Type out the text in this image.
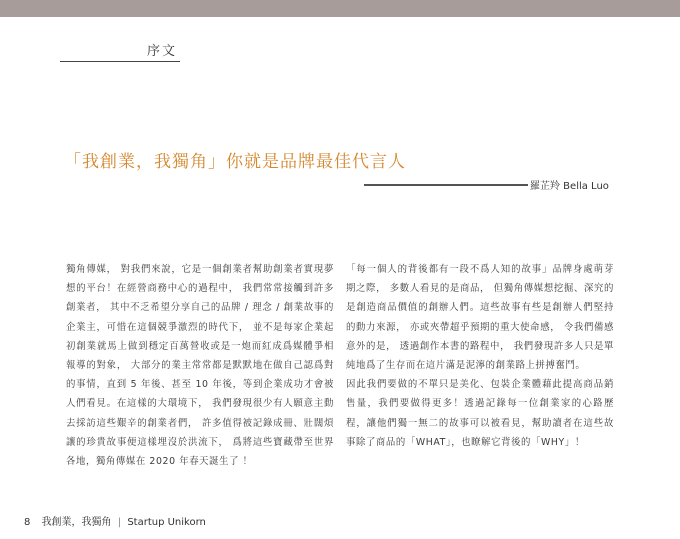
序文
「我創業，我獨角」你就是品牌最佳代言人
羅芷羚 Bella Luo

獨角傳媒， 對我們來說，它是一個創業者幫助創業者實現夢想的平台！在經營商務中心的過程中， 我們常常接觸到許多創業者， 其中不乏希望分享自己的品牌 / 理念 / 創業故事的企業主，可惜在這個競爭激烈的時代下， 並不是每家企業起初創業就馬上做到穩定百萬營收或是一炮而紅成爲媒體爭相報導的對象， 大部分的業主常常都是默默地在做自己認爲對的事情，直到 5 年後、甚至 10 年後，等到企業成功才會被人們看見。在這樣的大環境下， 我們發現很少有人願意主動去採訪這些艱辛的創業者們， 許多值得被記錄成冊、壯闊煩讓的珍貴故事便這樣埋沒於洪流下， 爲將這些寶藏帶至世界各地，獨角傳媒在 2020 年春天誕生了 ！

「每一個人的背後都有一段不爲人知的故事」品牌身處萌芽期之際， 多數人看見的是商品， 但獨角傳媒想挖掘、深究的是創造商品價值的創辦人們。這些故事有些是創辦人們堅持的動力來源， 亦或夾帶超乎預期的重大使命感， 令我們備感意外的是， 透過創作本書的路程中， 我們發現許多人只是單純地爲了生存而在這片滿是泥濘的創業路上拼搏奮鬥。

因此我們要做的不單只是美化、包裝企業體藉此提高商品銷售量，我們要做得更多！透過記錄每一位創業家的心路歷程，讓他們獨一無二的故事可以被看見，幫助讀者在這些故事除了商品的「WHAT」，也瞭解它背後的「WHY」！

8 我創業，我獨角 | Startup Unikorn
